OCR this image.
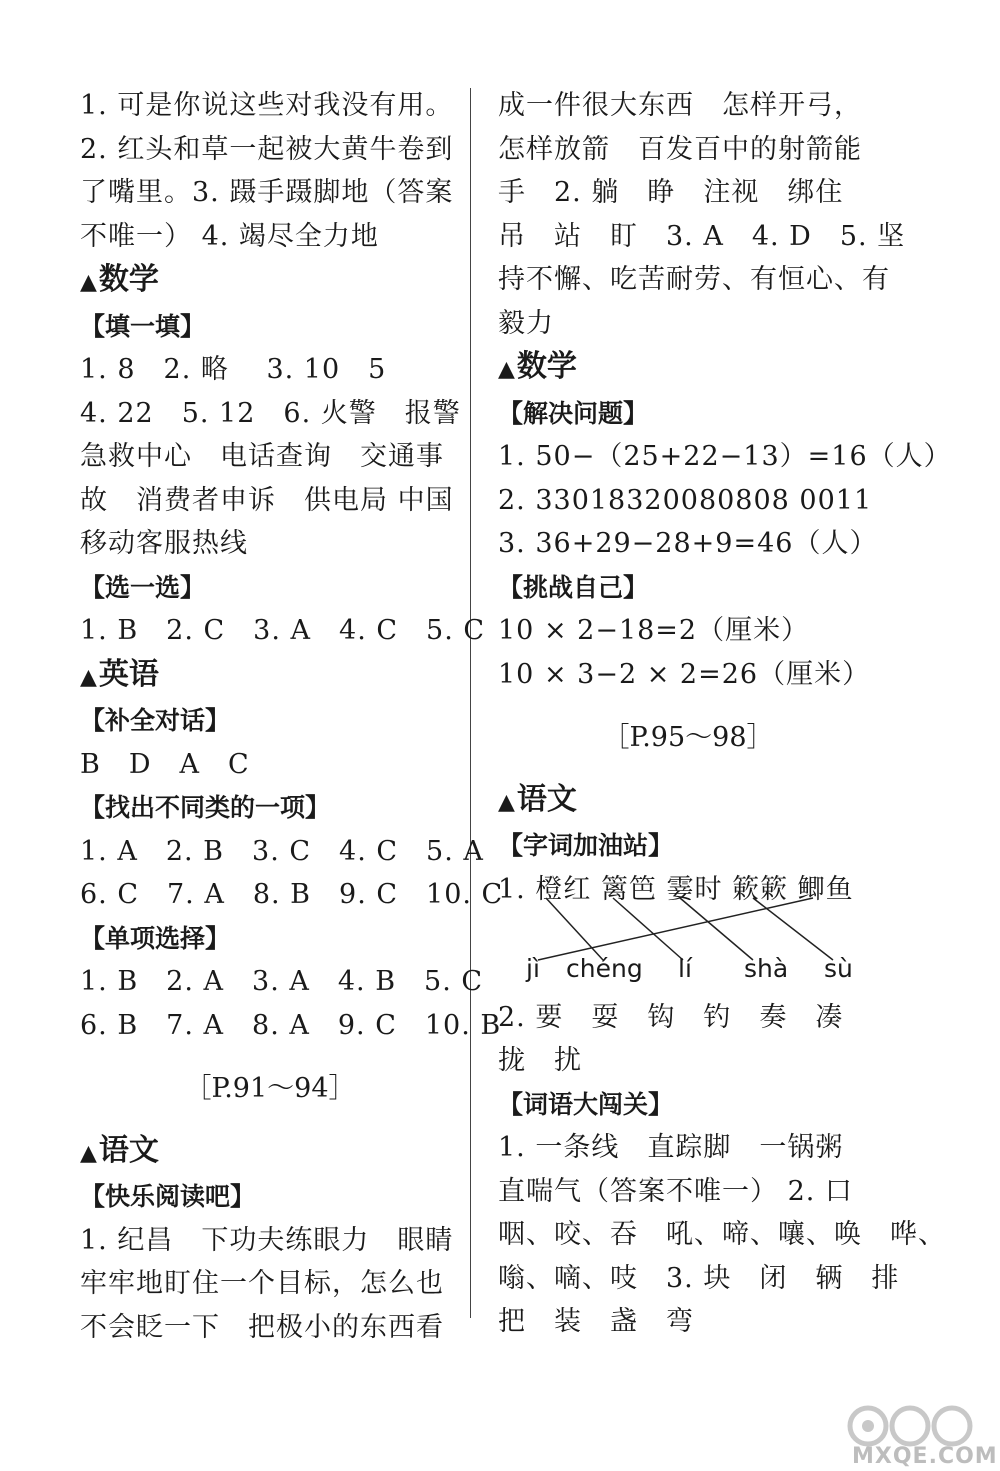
1. 可是你说这些对我没有用。
2. 红头和草一起被大黄牛卷到
了嘴里。3. 蹑手蹑脚地（答案
不唯一） 4. 竭尽全力地
▲数学
【填一填】
1. 8　2. 略　 3. 10　5
4. 22　5. 12　6. 火警　报警
急救中心　电话查询　交通事
故　消费者申诉　供电局 中国
移动客服热线
【选一选】
1. B　2. C　3. A　4. C　5. C
▲英语
【补全对话】
B　D　A　C
【找出不同类的一项】
1. A　2. B　3. C　4. C　5. A
6. C　7. A　8. B　9. C　10. C
【单项选择】
1. B　2. A　3. A　4. B　5. C
6. B　7. A　8. A　9. C　10. B
［P.91～94］
▲语文
【快乐阅读吧】
1. 纪昌　下功夫练眼力　眼睛
牢牢地盯住一个目标，怎么也
不会眨一下　把极小的东西看
成一件很大东西　怎样开弓，
怎样放箭　百发百中的射箭能
手　2. 躺　睁　注视　绑住
吊　站　盯　3. A　4. D　5. 坚
持不懈、吃苦耐劳、有恒心、有
毅力
▲数学
【解决问题】
1. 50−（25+22−13）=16（人）
2. 33018320080808 0011
3. 36+29−28+9=46（人）
【挑战自己】
10 × 2−18=2（厘米）
10 × 3−2 × 2=26（厘米）
［P.95～98］
▲语文
【字词加油站】
1. 橙红 篱笆 霎时 簌簌 鲫鱼
jì chéng lí shà sù
2. 要　耍　钩　钓　奏　凑
拢　扰
【词语大闯关】
1. 一条线　直踪脚　一锅粥
直喘气（答案不唯一） 2. 口
咽、咬、吞　吼、啼、嚷、唤　哗、
嗡、嘀、吱　3. 块　闭　辆　排
把　装　盏　弯
MXQE.COM
